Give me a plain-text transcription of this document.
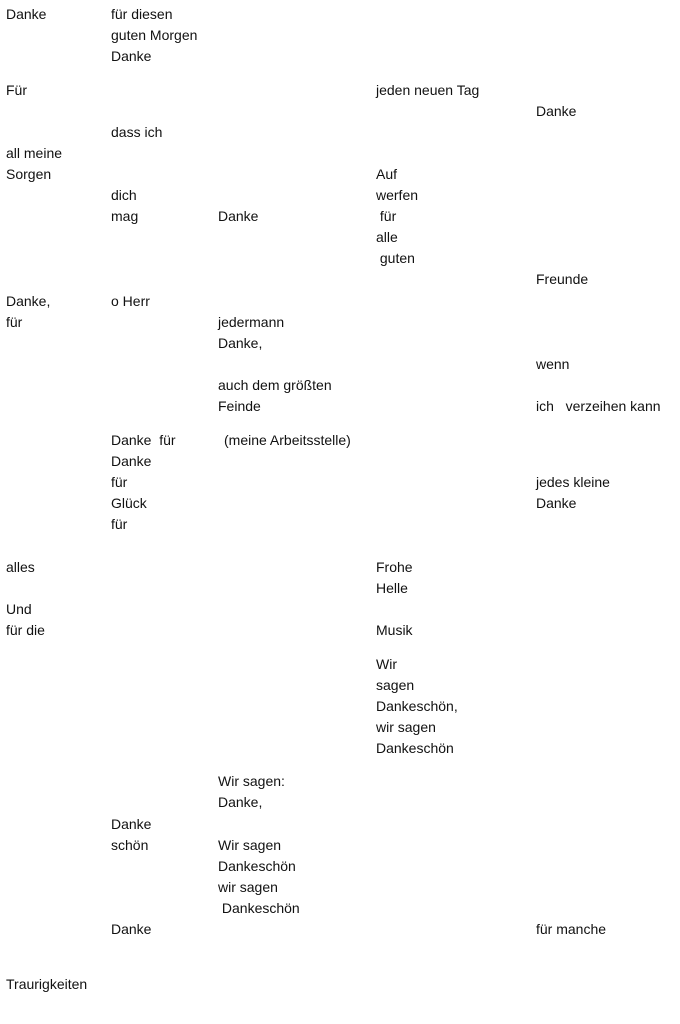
Danke	für diesen

guten Morgen

Danke

Für	jeden neuen Tag

Danke

dass ich

all meine

Sorgen	Auf

dich	werfen

mag	Danke	für

alle

guten

Freunde

Danke,	o Herr

für	jedermann

Danke,

wenn

auch dem größten

Feinde	ich   verzeihen kann

Danke  für	(meine Arbeitsstelle)

Danke

für	jedes kleine

Glück	Danke

für

alles	Frohe

Helle

Und

für die	Musik

Wir

sagen

Dankeschön,

wir sagen

Dankeschön

Wir sagen:

Danke,

Danke

schön	Wir sagen

Dankeschön

wir sagen

Dankeschön

Danke	für manche

Traurigkeiten
